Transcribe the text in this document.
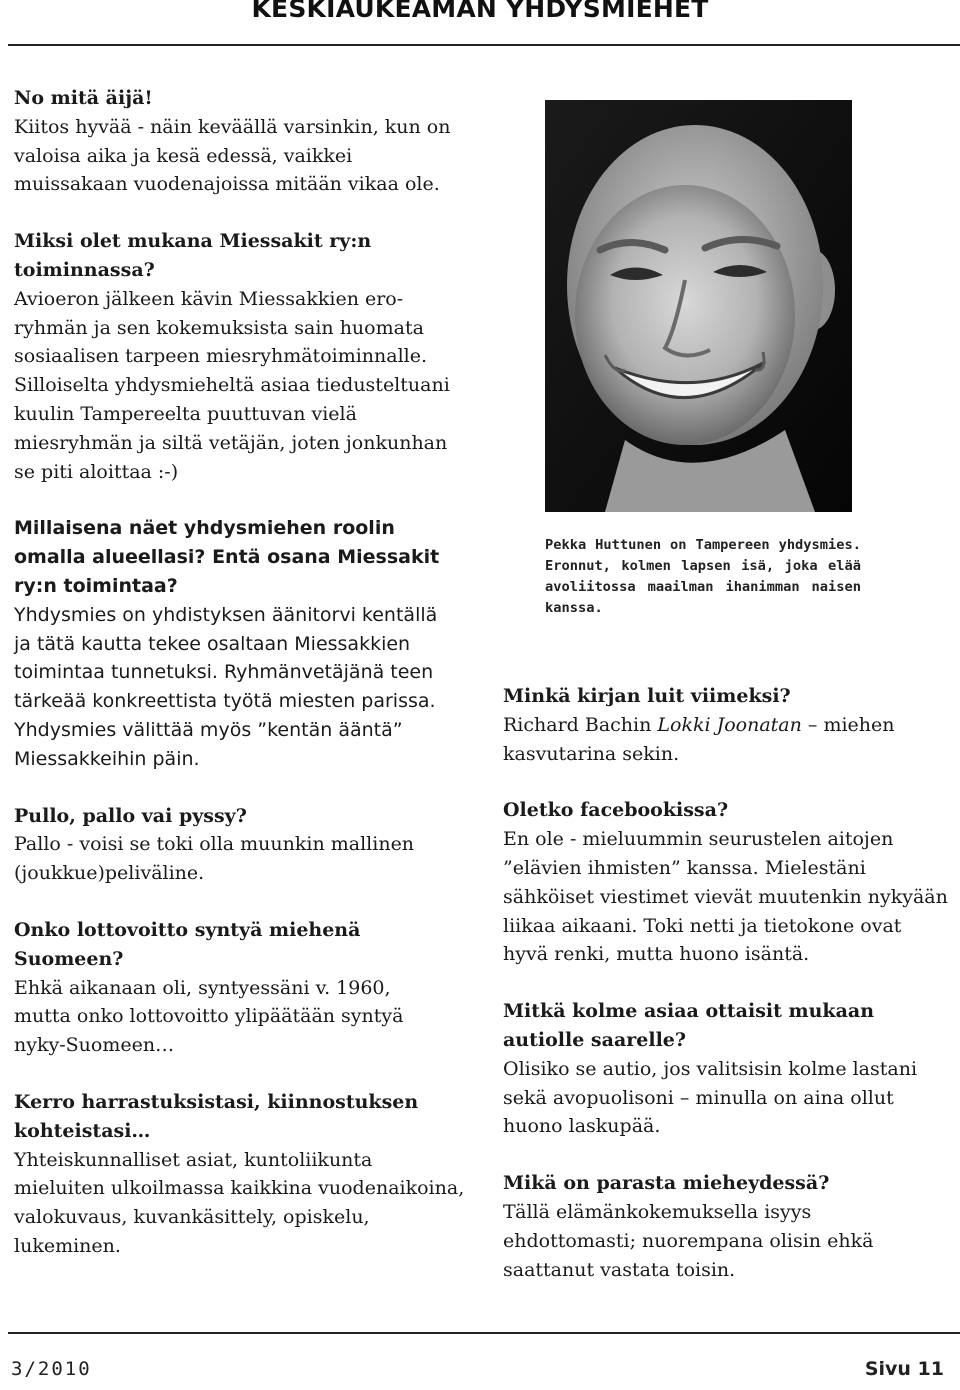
KESKIAUKEAMAN YHDYSMIEHET

No mitä äijä!

Kiitos hyvää - näin keväällä varsinkin, kun on valoisa aika ja kesä edessä, vaikkei muissakaan vuodenajoissa mitään vikaa ole.

Miksi olet mukana Miessakit ry:n toiminnassa?

Avioeron jälkeen kävin Miessakkien ero-ryhmän ja sen kokemuksista sain huomata sosiaalisen tarpeen miesryhmätoiminnalle. Silloiselta yhdysmieheltä asiaa tiedusteltuani kuulin Tampereelta puuttuvan vielä miesryhmän ja siltä vetäjän, joten jonkunhan se piti aloittaa :-)

Millaisena näet yhdysmiehen roolin omalla alueellasi? Entä osana Miessakit ry:n toimintaa?

Yhdysmies on yhdistyksen äänitorvi kentällä ja tätä kautta tekee osaltaan Miessakkien toimintaa tunnetuksi. Ryhmänvetäjänä teen tärkeää konkreettista työtä miesten parissa. Yhdysmies välittää myös ”kentän ääntä” Miessakkeihin päin.

Pullo, pallo vai pyssy?

Pallo - voisi se toki olla muunkin mallinen (joukkue)peliväline.

Onko lottovoitto syntyä miehenä Suomeen?

Ehkä aikanaan oli, syntyessäni v. 1960, mutta onko lottovoitto ylipäätään syntyä nyky-Suomeen…

Kerro harrastuksistasi, kiinnostuksen kohteistasi…

Yhteiskunnalliset asiat, kuntoliikunta mieluiten ulkoilmassa kaikkina vuodenaikoina, valokuvaus, kuvankäsittely, opiskelu, lukeminen.

Pekka Huttunen on Tampereen yhdysmies. Eronnut, kolmen lapsen isä, joka elää avoliitossa maailman ihanimman naisen kanssa.

Minkä kirjan luit viimeksi?

Richard Bachin Lokki Joonatan – miehen kasvutarina sekin.

Oletko facebookissa?

En ole - mieluummin seurustelen aitojen ”elävien ihmisten” kanssa. Mielestäni sähköiset viestimet vievät muutenkin nykyään liikaa aikaani. Toki netti ja tietokone ovat hyvä renki, mutta huono isäntä.

Mitkä kolme asiaa ottaisit mukaan autiolle saarelle?

Olisiko se autio, jos valitsisin kolme lastani sekä avopuolisoni – minulla on aina ollut huono laskupää.

Mikä on parasta mieheydessä?

Tällä elämänkokemuksella isyys ehdottomasti; nuorempana olisin ehkä saattanut vastata toisin.

3/2010	Sivu 11
